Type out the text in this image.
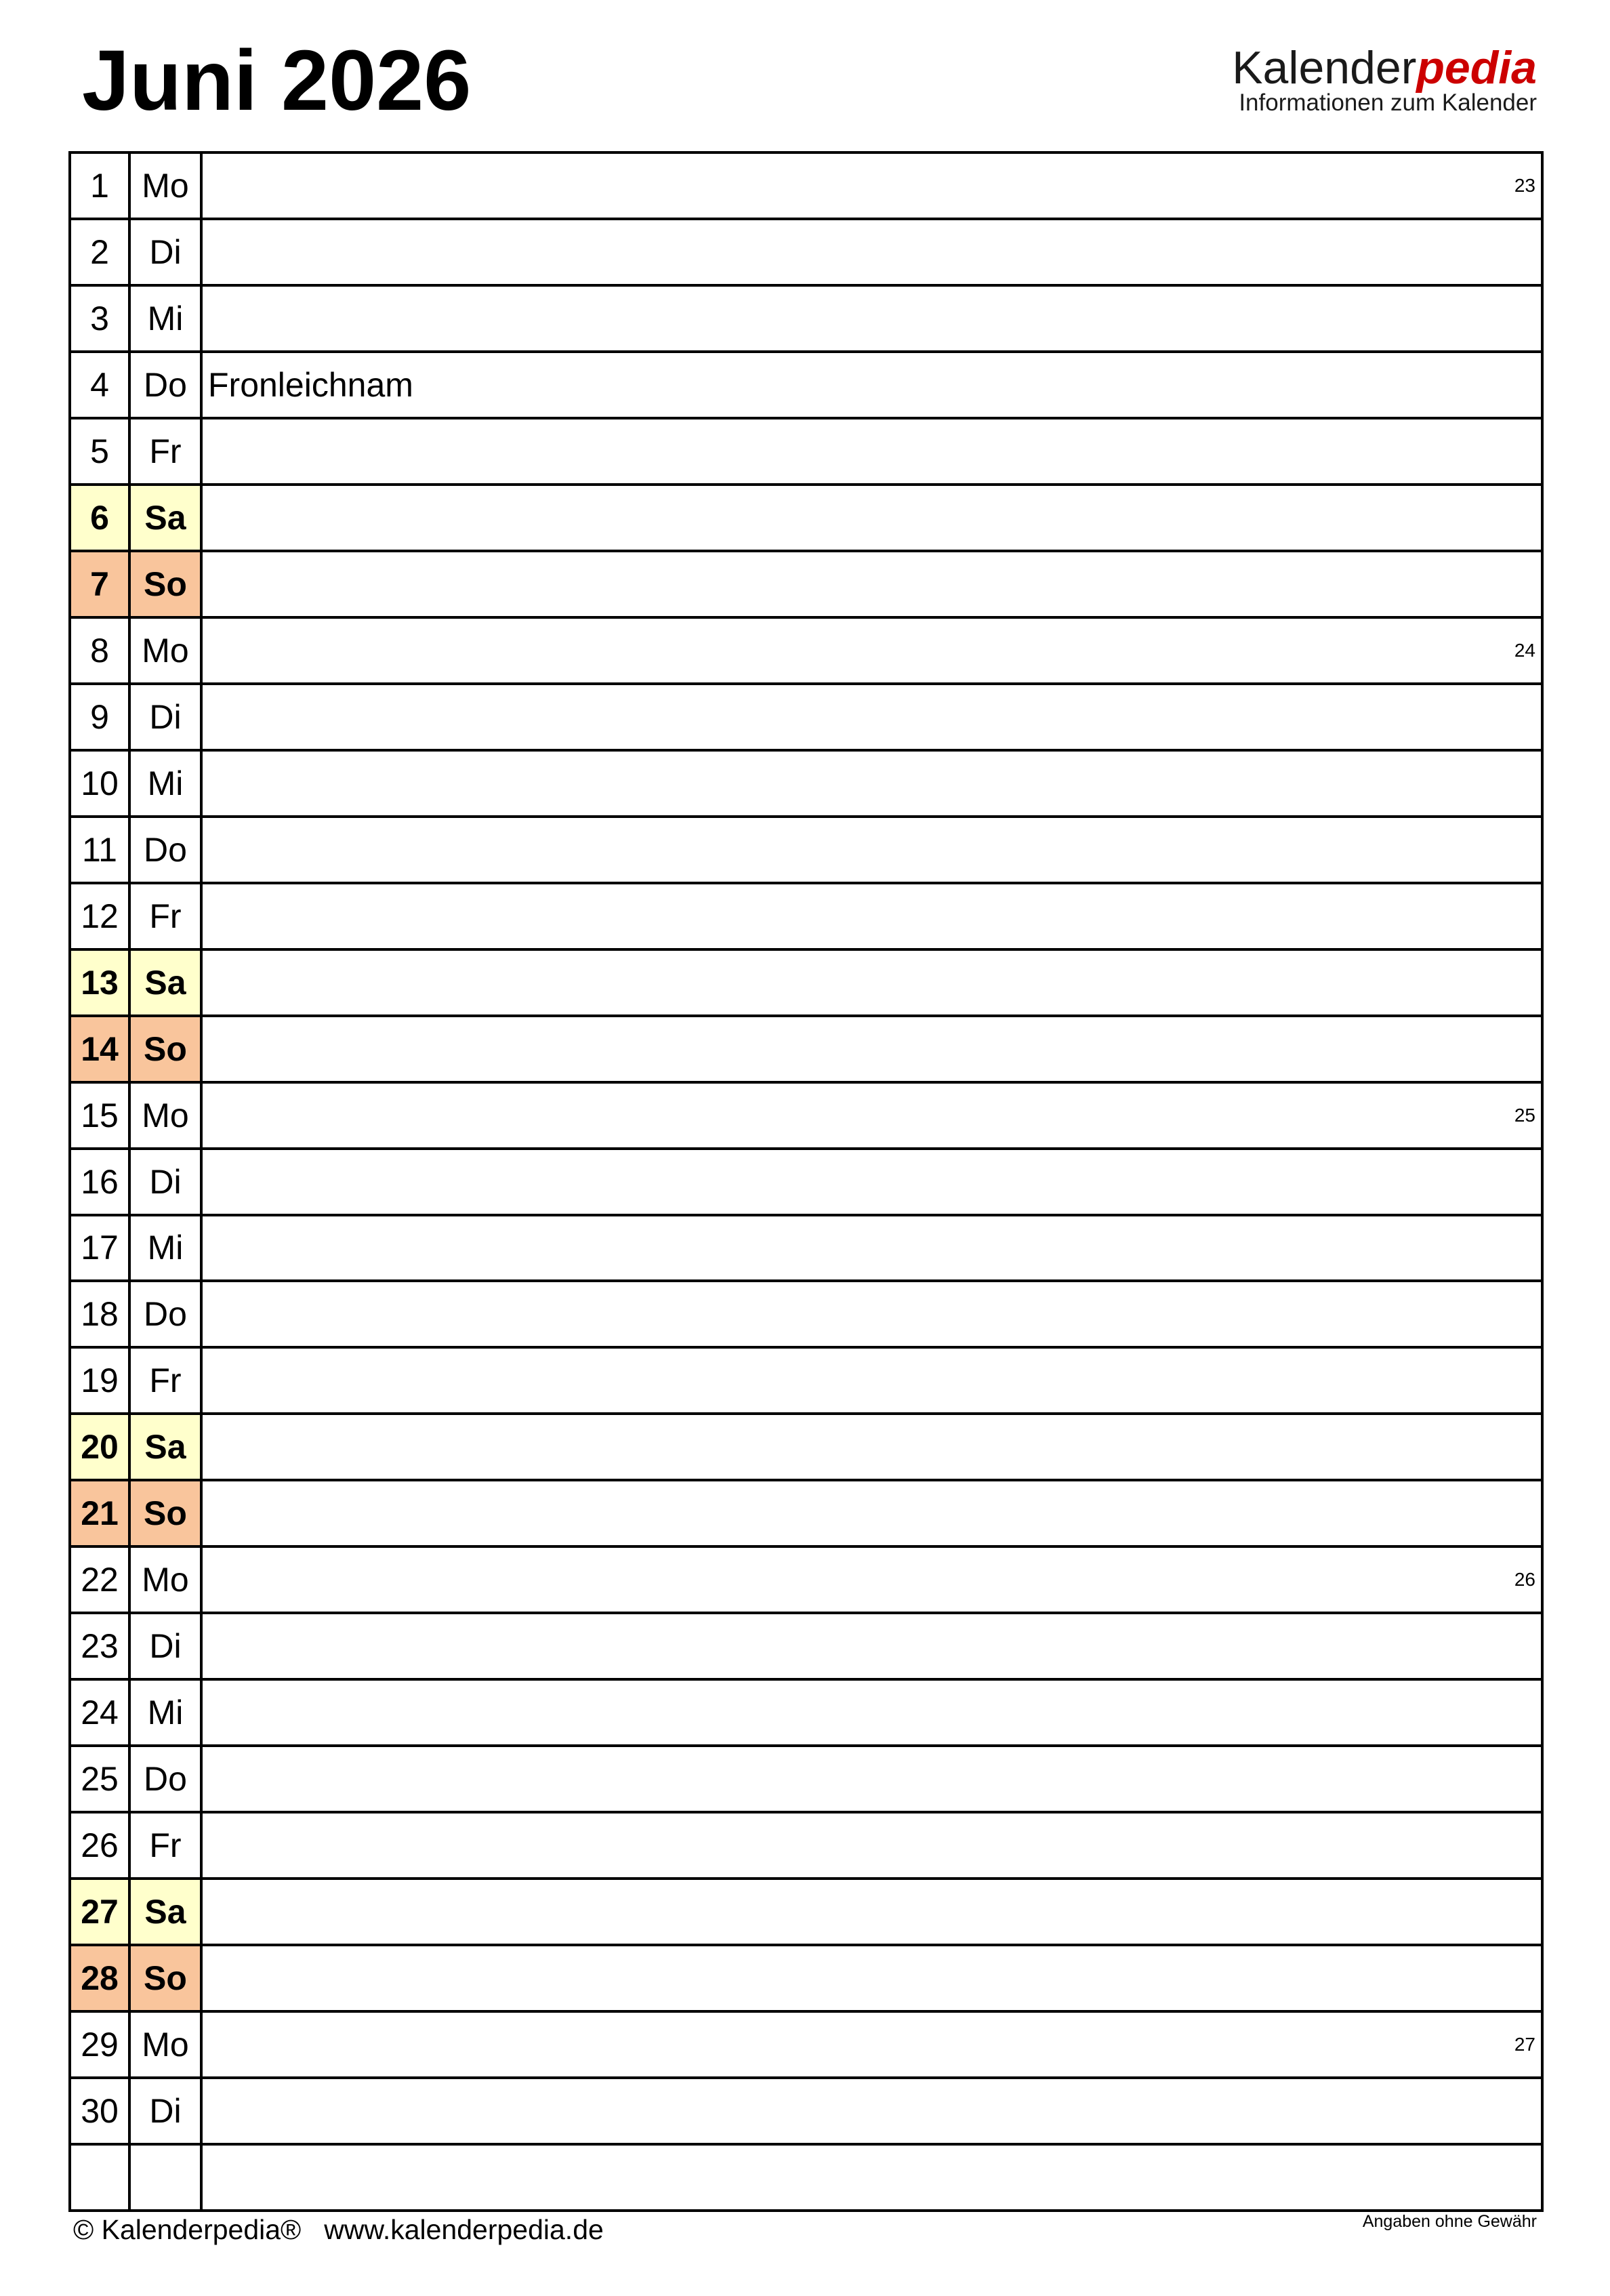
Juni 2026	Kalenderpedia
Informationen zum Kalender
1 Mo	23
2	Di
3	Mi
4	Do Fronleichnam
5	Fr
6	Sa
7	So
8 Mo	24
9	Di
10 Mi
11 Do
12 Fr
13 Sa
14 So
15 Mo	25
16 Di
17 Mi
18 Do
19 Fr
20 Sa
21 So
22 Mo	26
23 Di
24 Mi
25 Do
26 Fr
27 Sa
28 So
29 Mo	27
30 Di
© Kalenderpedia® www.kalenderpedia.de	Angaben ohne Gewähr
